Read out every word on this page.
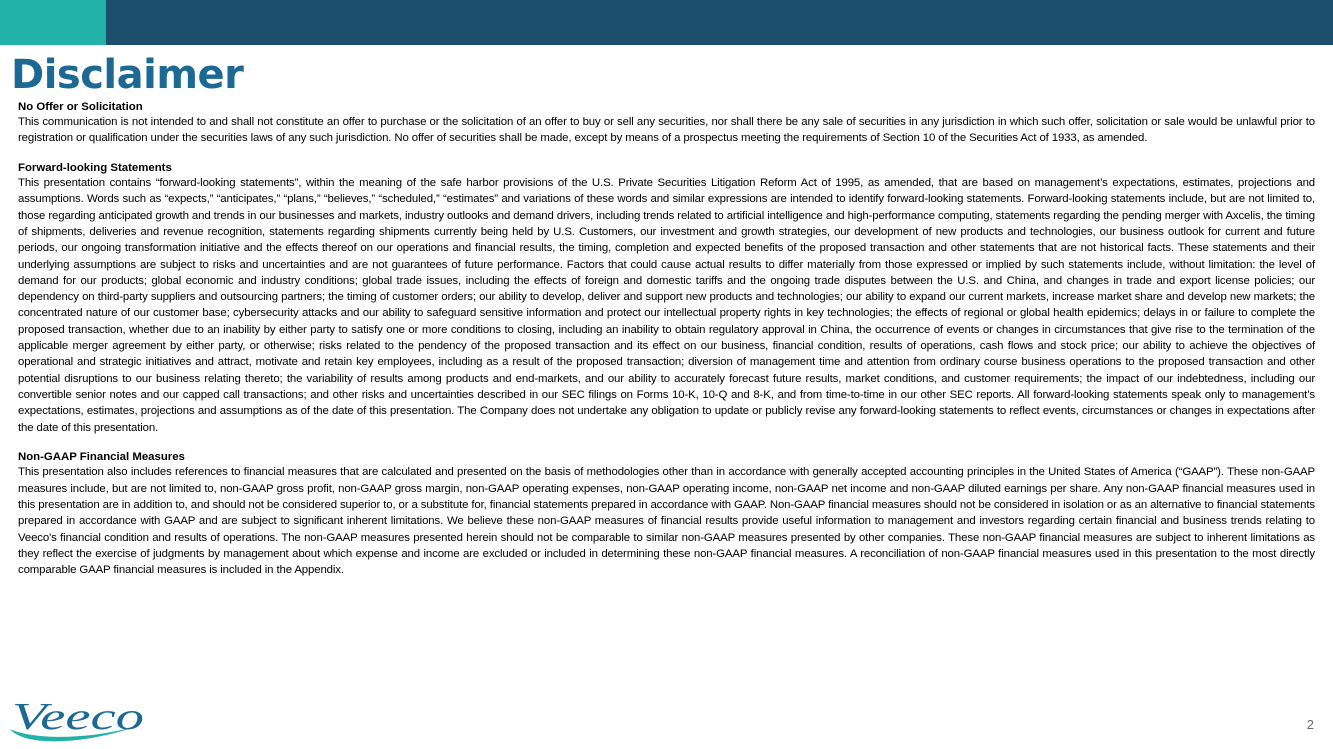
Disclaimer

No Offer or Solicitation

This communication is not intended to and shall not constitute an offer to purchase or the solicitation of an offer to buy or sell any securities, nor shall there be any sale of securities in any jurisdiction in which such offer, solicitation or sale would be unlawful prior to registration or qualification under the securities laws of any such jurisdiction. No offer of securities shall be made, except by means of a prospectus meeting the requirements of Section 10 of the Securities Act of 1933, as amended.

Forward-looking Statements

This presentation contains “forward-looking statements”, within the meaning of the safe harbor provisions of the U.S. Private Securities Litigation Reform Act of 1995, as amended, that are based on management’s expectations, estimates, projections and assumptions. Words such as “expects,” “anticipates,” “plans,” “believes,” “scheduled,” “estimates” and variations of these words and similar expressions are intended to identify forward-looking statements. Forward-looking statements include, but are not limited to, those regarding anticipated growth and trends in our businesses and markets, industry outlooks and demand drivers, including trends related to artificial intelligence and high-performance computing, statements regarding the pending merger with Axcelis, the timing of shipments, deliveries and revenue recognition, statements regarding shipments currently being held by U.S. Customers, our investment and growth strategies, our development of new products and technologies, our business outlook for current and future periods, our ongoing transformation initiative and the effects thereof on our operations and financial results, the timing, completion and expected benefits of the proposed transaction and other statements that are not historical facts. These statements and their underlying assumptions are subject to risks and uncertainties and are not guarantees of future performance. Factors that could cause actual results to differ materially from those expressed or implied by such statements include, without limitation: the level of demand for our products; global economic and industry conditions; global trade issues, including the effects of foreign and domestic tariffs and the ongoing trade disputes between the U.S. and China, and changes in trade and export license policies; our dependency on third-party suppliers and outsourcing partners; the timing of customer orders; our ability to develop, deliver and support new products and technologies; our ability to expand our current markets, increase market share and develop new markets; the concentrated nature of our customer base; cybersecurity attacks and our ability to safeguard sensitive information and protect our intellectual property rights in key technologies; the effects of regional or global health epidemics; delays in or failure to complete the proposed transaction, whether due to an inability by either party to satisfy one or more conditions to closing, including an inability to obtain regulatory approval in China, the occurrence of events or changes in circumstances that give rise to the termination of the applicable merger agreement by either party, or otherwise; risks related to the pendency of the proposed transaction and its effect on our business, financial condition, results of operations, cash flows and stock price; our ability to achieve the objectives of operational and strategic initiatives and attract, motivate and retain key employees, including as a result of the proposed transaction; diversion of management time and attention from ordinary course business operations to the proposed transaction and other potential disruptions to our business relating thereto; the variability of results among products and end-markets, and our ability to accurately forecast future results, market conditions, and customer requirements; the impact of our indebtedness, including our convertible senior notes and our capped call transactions; and other risks and uncertainties described in our SEC filings on Forms 10-K, 10-Q and 8-K, and from time-to-time in our other SEC reports. All forward-looking statements speak only to management’s expectations, estimates, projections and assumptions as of the date of this presentation. The Company does not undertake any obligation to update or publicly revise any forward-looking statements to reflect events, circumstances or changes in expectations after the date of this presentation.

Non-GAAP Financial Measures

This presentation also includes references to financial measures that are calculated and presented on the basis of methodologies other than in accordance with generally accepted accounting principles in the United States of America (“GAAP”). These non-GAAP measures include, but are not limited to, non-GAAP gross profit, non-GAAP gross margin, non-GAAP operating expenses, non-GAAP operating income, non-GAAP net income and non-GAAP diluted earnings per share. Any non-GAAP financial measures used in this presentation are in addition to, and should not be considered superior to, or a substitute for, financial statements prepared in accordance with GAAP. Non-GAAP financial measures should not be considered in isolation or as an alternative to financial statements prepared in accordance with GAAP and are subject to significant inherent limitations. We believe these non-GAAP measures of financial results provide useful information to management and investors regarding certain financial and business trends relating to Veeco's financial condition and results of operations. The non-GAAP measures presented herein should not be comparable to similar non-GAAP measures presented by other companies. These non-GAAP financial measures are subject to inherent limitations as they reflect the exercise of judgments by management about which expense and income are excluded or included in determining these non-GAAP financial measures. A reconciliation of non-GAAP financial measures used in this presentation to the most directly comparable GAAP financial measures is included in the Appendix.

Veeco	2
